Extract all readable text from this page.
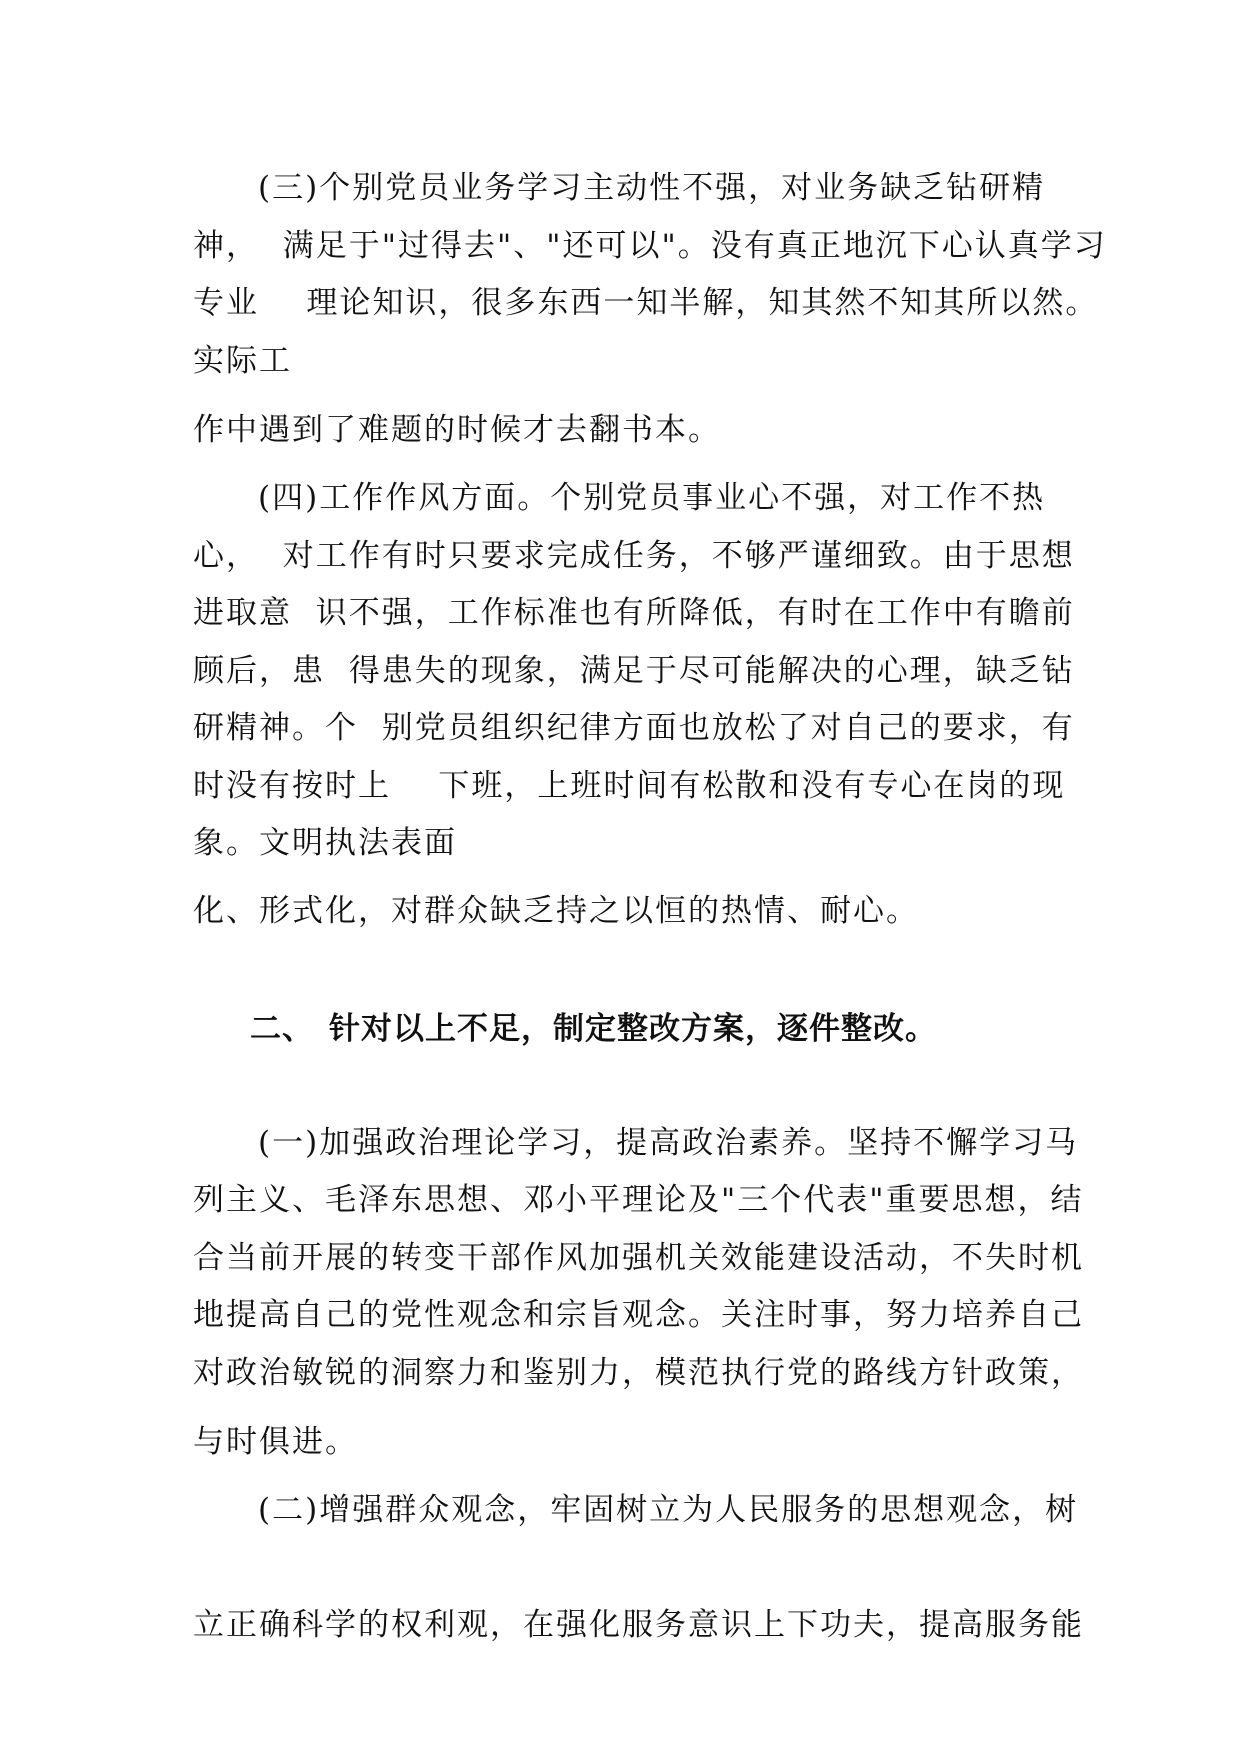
(三)个别党员业务学习主动性不强，对业务缺乏钻研精

神，  满足于"过得去"、"还可以"。没有真正地沉下心认真学习

专业    理论知识，很多东西一知半解，知其然不知其所以然。

实际工

作中遇到了难题的时候才去翻书本。

(四)工作作风方面。个别党员事业心不强，对工作不热

心，  对工作有时只要求完成任务，不够严谨细致。由于思想

进取意  识不强，工作标准也有所降低，有时在工作中有瞻前

顾后，患  得患失的现象，满足于尽可能解决的心理，缺乏钻

研精神。个  别党员组织纪律方面也放松了对自己的要求，有

时没有按时上    下班，上班时间有松散和没有专心在岗的现

象。文明执法表面

化、形式化，对群众缺乏持之以恒的热情、耐心。

二、 针对以上不足，制定整改方案，逐件整改。

(一)加强政治理论学习，提高政治素养。坚持不懈学习马

列主义、毛泽东思想、邓小平理论及"三个代表"重要思想，结

合当前开展的转变干部作风加强机关效能建设活动，不失时机

地提高自己的党性观念和宗旨观念。关注时事，努力培养自己

对政治敏锐的洞察力和鉴别力，模范执行党的路线方针政策，

与时俱进。

(二)增强群众观念，牢固树立为人民服务的思想观念，树

立正确科学的权利观，在强化服务意识上下功夫，提高服务能
